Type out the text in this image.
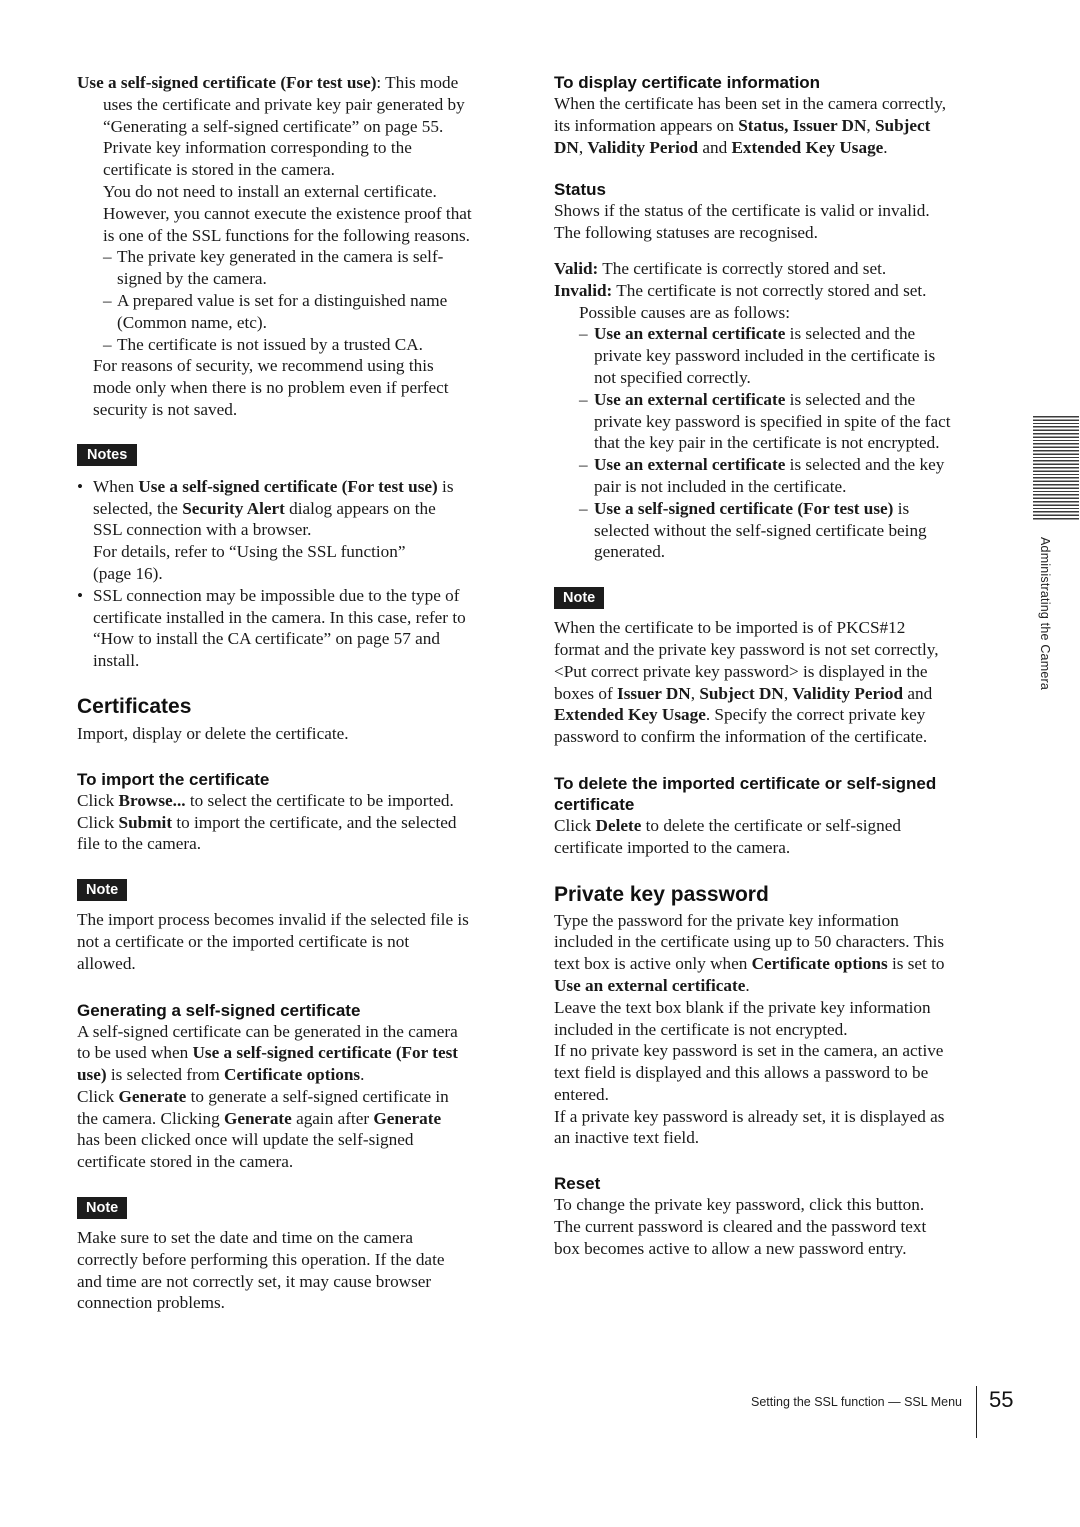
Use a self-signed certificate (For test use): This mode

uses the certificate and private key pair generated by

“Generating a self-signed certificate” on page 55.

Private key information corresponding to the

certificate is stored in the camera.

You do not need to install an external certificate.

However, you cannot execute the existence proof that

is one of the SSL functions for the following reasons.

– The private key generated in the camera is self-

signed by the camera.

– A prepared value is set for a distinguished name

(Common name, etc).

– The certificate is not issued by a trusted CA.

For reasons of security, we recommend using this

mode only when there is no problem even if perfect

security is not saved.

Notes

• When Use a self-signed certificate (For test use) is

selected, the Security Alert dialog appears on the

SSL connection with a browser.

For details, refer to “Using the SSL function”

(page 16).

• SSL connection may be impossible due to the type of

certificate installed in the camera. In this case, refer to

“How to install the CA certificate” on page 57 and

install.

Certificates

Import, display or delete the certificate.

To import the certificate

Click Browse... to select the certificate to be imported.

Click Submit to import the certificate, and the selected

file to the camera.

Note

The import process becomes invalid if the selected file is

not a certificate or the imported certificate is not

allowed.

Generating a self-signed certificate

A self-signed certificate can be generated in the camera

to be used when Use a self-signed certificate (For test

use) is selected from Certificate options.

Click Generate to generate a self-signed certificate in

the camera. Clicking Generate again after Generate

has been clicked once will update the self-signed

certificate stored in the camera.

Note

Make sure to set the date and time on the camera

correctly before performing this operation. If the date

and time are not correctly set, it may cause browser

connection problems.

To display certificate information

When the certificate has been set in the camera correctly,

its information appears on Status, Issuer DN, Subject

DN, Validity Period and Extended Key Usage.

Status

Shows if the status of the certificate is valid or invalid.

The following statuses are recognised.

Valid: The certificate is correctly stored and set.

Invalid: The certificate is not correctly stored and set.

Possible causes are as follows:

– Use an external certificate is selected and the

private key password included in the certificate is

not specified correctly.

– Use an external certificate is selected and the

private key password is specified in spite of the fact

that the key pair in the certificate is not encrypted.

– Use an external certificate is selected and the key

pair is not included in the certificate.

– Use a self-signed certificate (For test use) is

selected without the self-signed certificate being

generated.

Note

When the certificate to be imported is of PKCS#12

format and the private key password is not set correctly,

<Put correct private key password> is displayed in the

boxes of Issuer DN, Subject DN, Validity Period and

Extended Key Usage. Specify the correct private key

password to confirm the information of the certificate.

To delete the imported certificate or self-signed
certificate

Click Delete to delete the certificate or self-signed

certificate imported to the camera.

Private key password

Type the password for the private key information

included in the certificate using up to 50 characters. This

text box is active only when Certificate options is set to

Use an external certificate.

Leave the text box blank if the private key information

included in the certificate is not encrypted.

If no private key password is set in the camera, an active

text field is displayed and this allows a password to be

entered.

If a private key password is already set, it is displayed as

an inactive text field.

Reset

To change the private key password, click this button.

The current password is cleared and the password text

box becomes active to allow a new password entry.

Administrating the Camera
Setting the SSL function — SSL Menu 55
